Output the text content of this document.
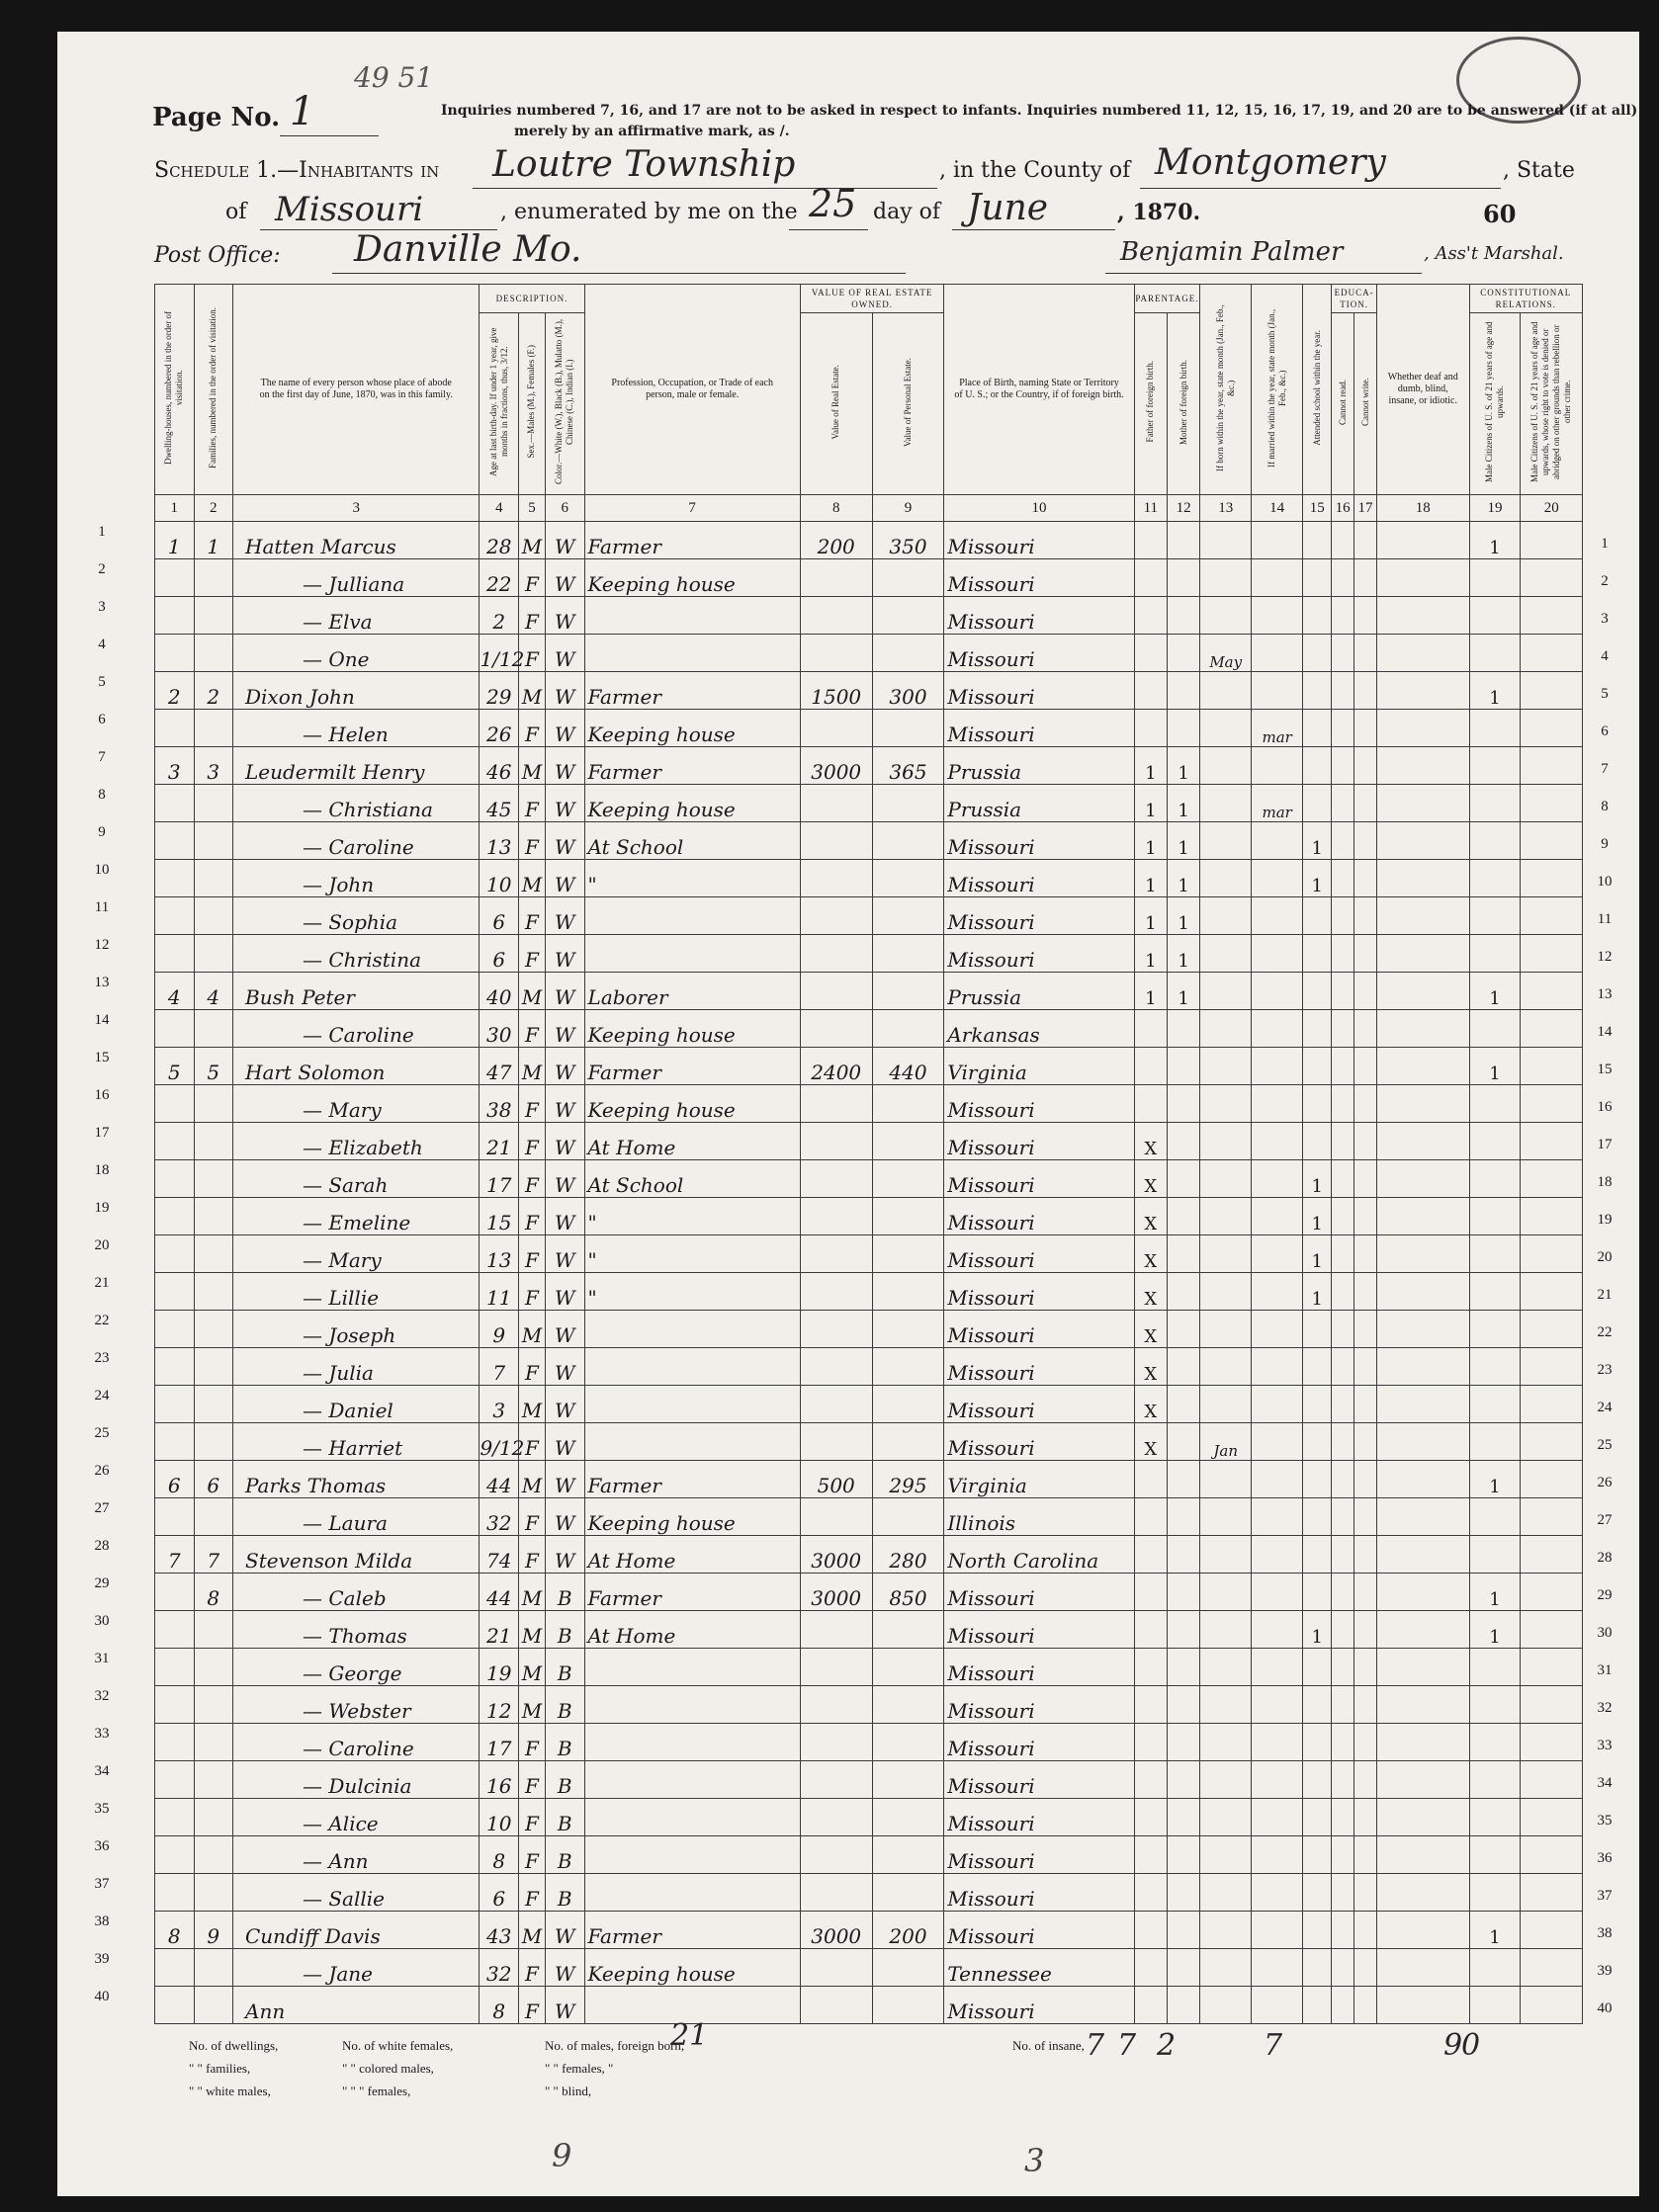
Page No. 1
49 51
Inquiries numbered 7, 16, and 17 are not to be asked in respect to infants. Inquiries numbered 11, 12, 15, 16, 17, 19, and 20 are to be answered (if at all)
merely by an affirmative mark, as /.
Schedule 1.—Inhabitants in Loutre Township	, in the County of Montgomery	, State
of Missouri	, enumerated by me on the 25 day of June	, 1870.	60
Post Office: Danville Mo.	Benjamin Palmer	, Ass't Marshal.
Dwelling-houses, numbered in the order of visitation.	Families, numbered in the order of visitation.	The name of every person whose place of abode on the first day of June, 1870, was in this family.	DESCRIPTION.			Profession, Occupation, or Trade of each person, male or female.	VALUE OF REAL ESTATE OWNED.		Place of Birth, naming State or Territory of U. S.; or the Country, if of foreign birth.	PARENTAGE.		If born within the year, state month (Jan., Feb., &c.)	If married within the year, state month (Jan., Feb., &c.)	Attended school within the year.	EDUCA-TION.		Whether deaf and dumb, blind, insane, or idiotic.	CONSTITUTIONAL RELATIONS.	
			Age at last birth-day. If under 1 year, give months in fractions, thus, 3/12.	Sex.—Males (M.), Females (F.)	Color.—White (W.), Black (B.), Mulatto (M.), Chinese (C.), Indian (I.)		Value of Real Estate.	Value of Personal Estate.		Father of foreign birth.	Mother of foreign birth.				Cannot read.	Cannot write.		Male Citizens of U. S. of 21 years of age and upwards.	Male Citizens of U. S. of 21 years of age and upwards, whose right to vote is denied or abridged on other grounds than rebellion or other crime.
1	2	3	4	5	6	7	8	9	10	11	12	13	14	15	16	17	18	19	20
1	1	Hatten Marcus	28	M	W	Farmer	200	350	Missouri									1	
		— Julliana	22	F	W	Keeping house			Missouri										
		— Elva	2	F	W				Missouri										
		— One	1/12	F	W				Missouri			May							
2	2	Dixon John	29	M	W	Farmer	1500	300	Missouri									1	
		— Helen	26	F	W	Keeping house			Missouri				mar						
3	3	Leudermilt Henry	46	M	W	Farmer	3000	365	Prussia	1	1								
		— Christiana	45	F	W	Keeping house			Prussia	1	1		mar						
		— Caroline	13	F	W	At School			Missouri	1	1			1					
		— John	10	M	W	"			Missouri	1	1			1					
		— Sophia	6	F	W				Missouri	1	1								
		— Christina	6	F	W				Missouri	1	1								
4	4	Bush Peter	40	M	W	Laborer			Prussia	1	1							1	
		— Caroline	30	F	W	Keeping house			Arkansas										
5	5	Hart Solomon	47	M	W	Farmer	2400	440	Virginia									1	
		— Mary	38	F	W	Keeping house			Missouri										
		— Elizabeth	21	F	W	At Home			Missouri	X									
		— Sarah	17	F	W	At School			Missouri	X				1					
		— Emeline	15	F	W	"			Missouri	X				1					
		— Mary	13	F	W	"			Missouri	X				1					
		— Lillie	11	F	W	"			Missouri	X				1					
		— Joseph	9	M	W				Missouri	X									
		— Julia	7	F	W				Missouri	X									
		— Daniel	3	M	W				Missouri	X									
		— Harriet	9/12	F	W				Missouri	X		Jan							
6	6	Parks Thomas	44	M	W	Farmer	500	295	Virginia									1	
		— Laura	32	F	W	Keeping house			Illinois										
7	7	Stevenson Milda	74	F	W	At Home	3000	280	North Carolina										
	8	— Caleb	44	M	B	Farmer	3000	850	Missouri									1	
		— Thomas	21	M	B	At Home			Missouri					1				1	
		— George	19	M	B				Missouri										
		— Webster	12	M	B				Missouri										
		— Caroline	17	F	B				Missouri										
		— Dulcinia	16	F	B				Missouri										
		— Alice	10	F	B				Missouri										
		— Ann	8	F	B				Missouri										
		— Sallie	6	F	B				Missouri										
8	9	Cundiff Davis	43	M	W	Farmer	3000	200	Missouri									1	
		— Jane	32	F	W	Keeping house			Tennessee										
		Ann	8	F	W				Missouri										
1
1
2
2
3
3
4
4
5
5
6
6
7
7
8
8
9
9
10
10
11
11
12
12
13
13
14
14
15
15
16
16
17
17
18
18
19
19
20
20
21
21
22
22
23
23
24
24
25
25
26
26
27
27
28
28
29
29
30
30
31
31
32
32
33
33
34
34
35
35
36
36
37
37
38
38
39
39
40
40
No. of dwellings,	No. of white females,	No. of males, foreign born,
" " families,	" " colored males,	" " females, "
" " white males,	" " " females,	" " blind,
No. of insane,
21	7 7 2	7	9
0
9	3
